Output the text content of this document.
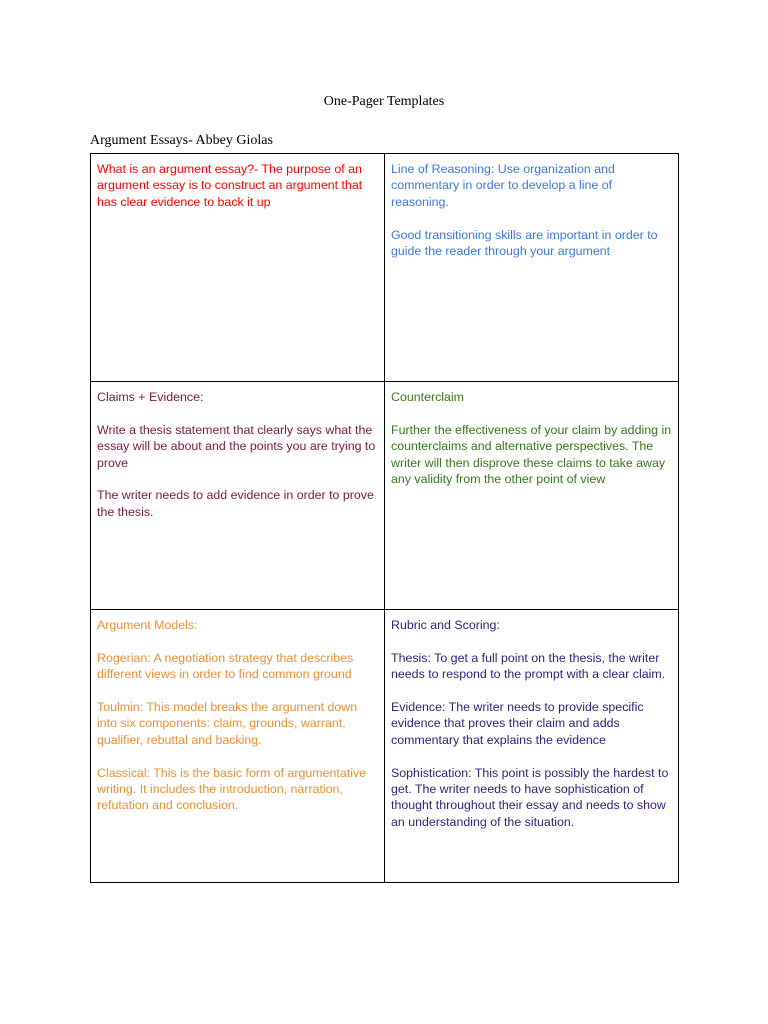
One-Pager Templates
Argument Essays- Abbey Giolas

What is an argument essay?- The purpose of an argument essay is to construct an argument that has clear evidence to back it up

Line of Reasoning: Use organization and commentary in order to develop a line of reasoning.

Good transitioning skills are important in order to guide the reader through your argument

Claims + Evidence:

Write a thesis statement that clearly says what the essay will be about and the points you are trying to prove

The writer needs to add evidence in order to prove the thesis.

Counterclaim

Further the effectiveness of your claim by adding in counterclaims and alternative perspectives. The writer will then disprove these claims to take away any validity from the other point of view

Argument Models:

Rogerian: A negotiation strategy that describes different views in order to find common ground

Toulmin: This model breaks the argument down into six components: claim, grounds, warrant, qualifier, rebuttal and backing.

Classical: This is the basic form of argumentative writing. It includes the introduction, narration, refutation and conclusion.

Rubric and Scoring:

Thesis: To get a full point on the thesis, the writer needs to respond to the prompt with a clear claim.

Evidence: The writer needs to provide specific evidence that proves their claim and adds commentary that explains the evidence

Sophistication: This point is possibly the hardest to get. The writer needs to have sophistication of thought throughout their essay and needs to show an understanding of the situation.
